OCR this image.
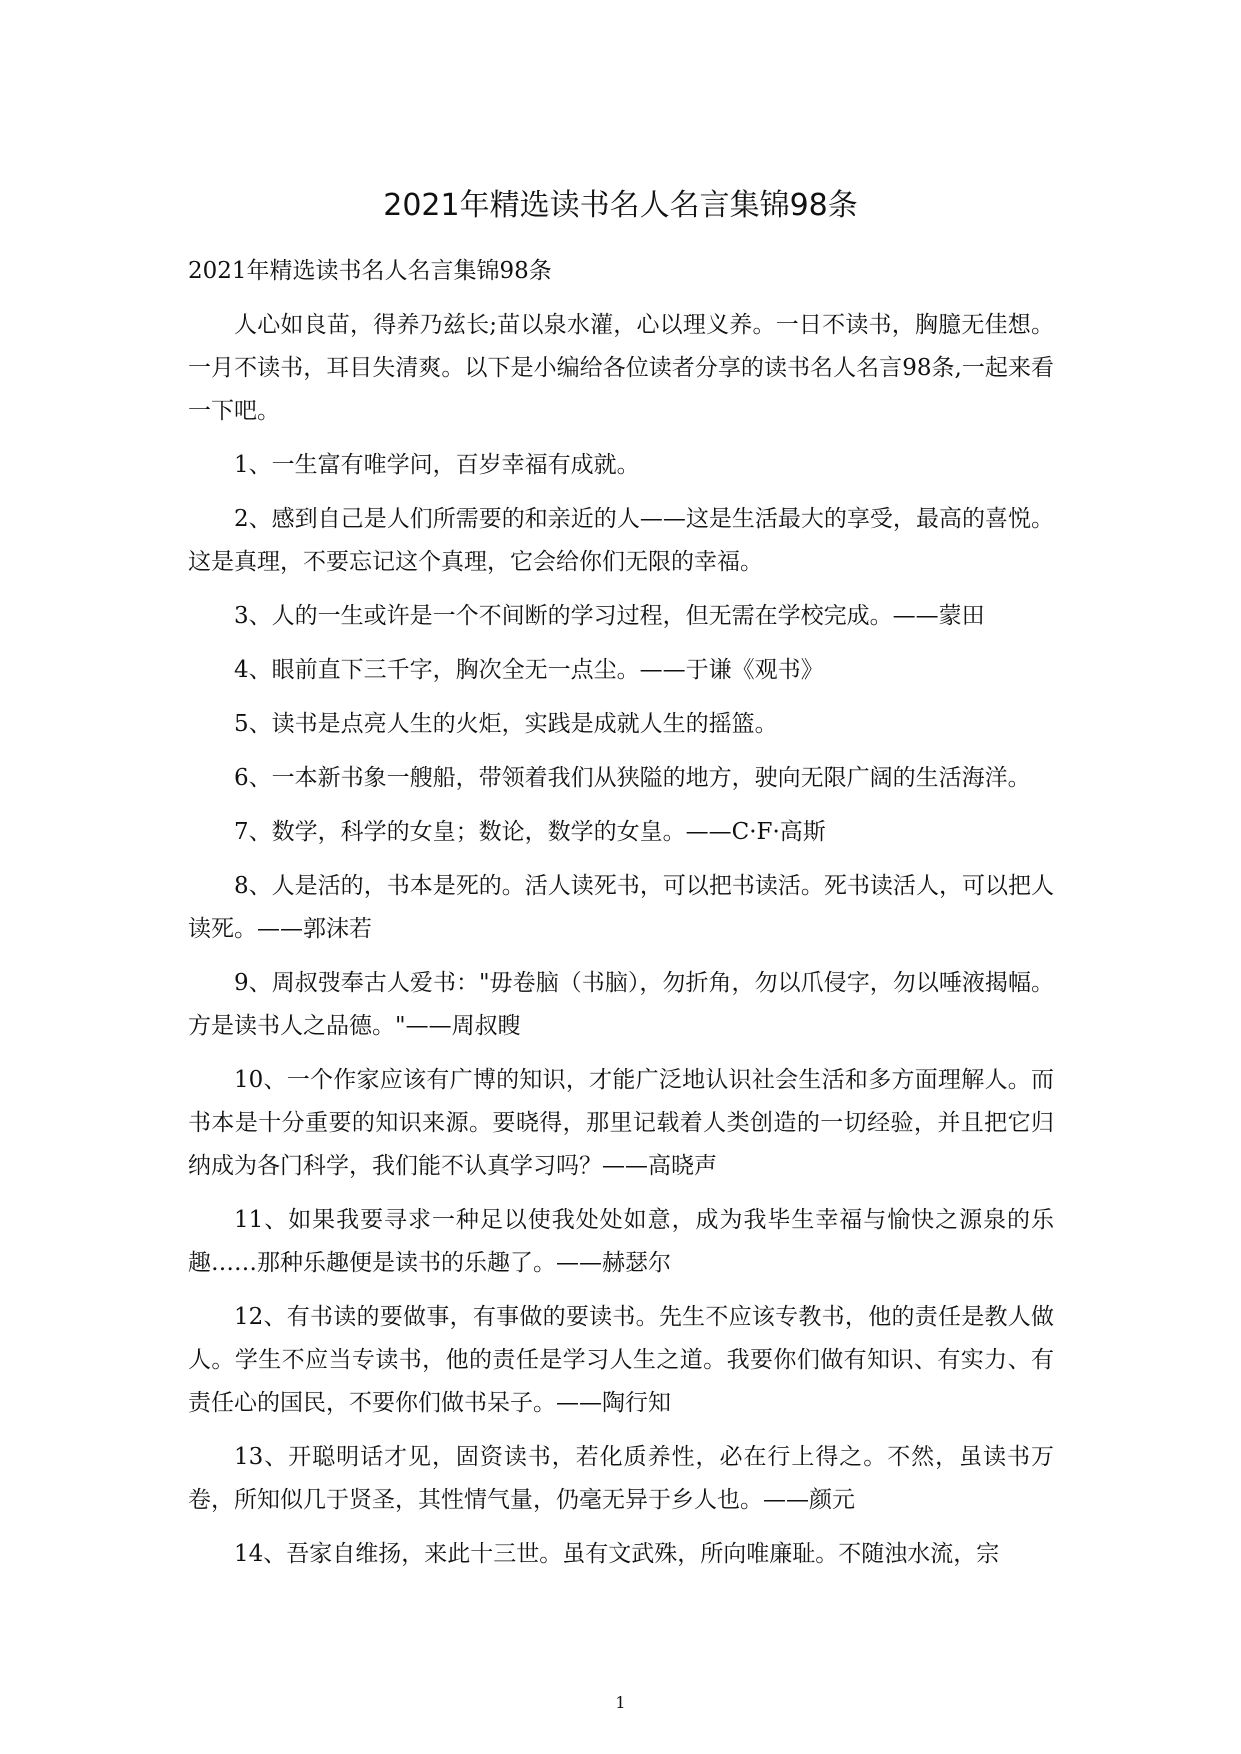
2021年精选读书名人名言集锦98条

2021年精选读书名人名言集锦98条

人心如良苗，得养乃兹长;苗以泉水灌，心以理义养。一日不读书，胸臆无佳想。一月不读书，耳目失清爽。以下是小编给各位读者分享的读书名人名言98条,一起来看一下吧。

1、一生富有唯学问，百岁幸福有成就。

2、感到自己是人们所需要的和亲近的人——这是生活最大的享受，最高的喜悦。这是真理，不要忘记这个真理，它会给你们无限的幸福。

3、人的一生或许是一个不间断的学习过程，但无需在学校完成。——蒙田

4、眼前直下三千字，胸次全无一点尘。——于谦《观书》

5、读书是点亮人生的火炬，实践是成就人生的摇篮。

6、一本新书象一艘船，带领着我们从狭隘的地方，驶向无限广阔的生活海洋。

7、数学，科学的女皇；数论，数学的女皇。——C·F·高斯

8、人是活的，书本是死的。活人读死书，可以把书读活。死书读活人，可以把人读死。——郭沫若

9、周叔弢奉古人爱书："毋卷脑（书脑），勿折角，勿以爪侵字，勿以唾液揭幅。方是读书人之品德。"——周叔瞍

10、一个作家应该有广博的知识，才能广泛地认识社会生活和多方面理解人。而书本是十分重要的知识来源。要晓得，那里记载着人类创造的一切经验，并且把它归纳成为各门科学，我们能不认真学习吗？——高晓声

11、如果我要寻求一种足以使我处处如意，成为我毕生幸福与愉快之源泉的乐趣……那种乐趣便是读书的乐趣了。——赫瑟尔

12、有书读的要做事，有事做的要读书。先生不应该专教书，他的责任是教人做人。学生不应当专读书，他的责任是学习人生之道。我要你们做有知识、有实力、有责任心的国民，不要你们做书呆子。——陶行知

13、开聪明话才见，固资读书，若化质养性，必在行上得之。不然，虽读书万卷，所知似几于贤圣，其性情气量，仍毫无异于乡人也。——颜元

14、吾家自维扬，来此十三世。虽有文武殊，所向唯廉耻。不随浊水流，宗

1
